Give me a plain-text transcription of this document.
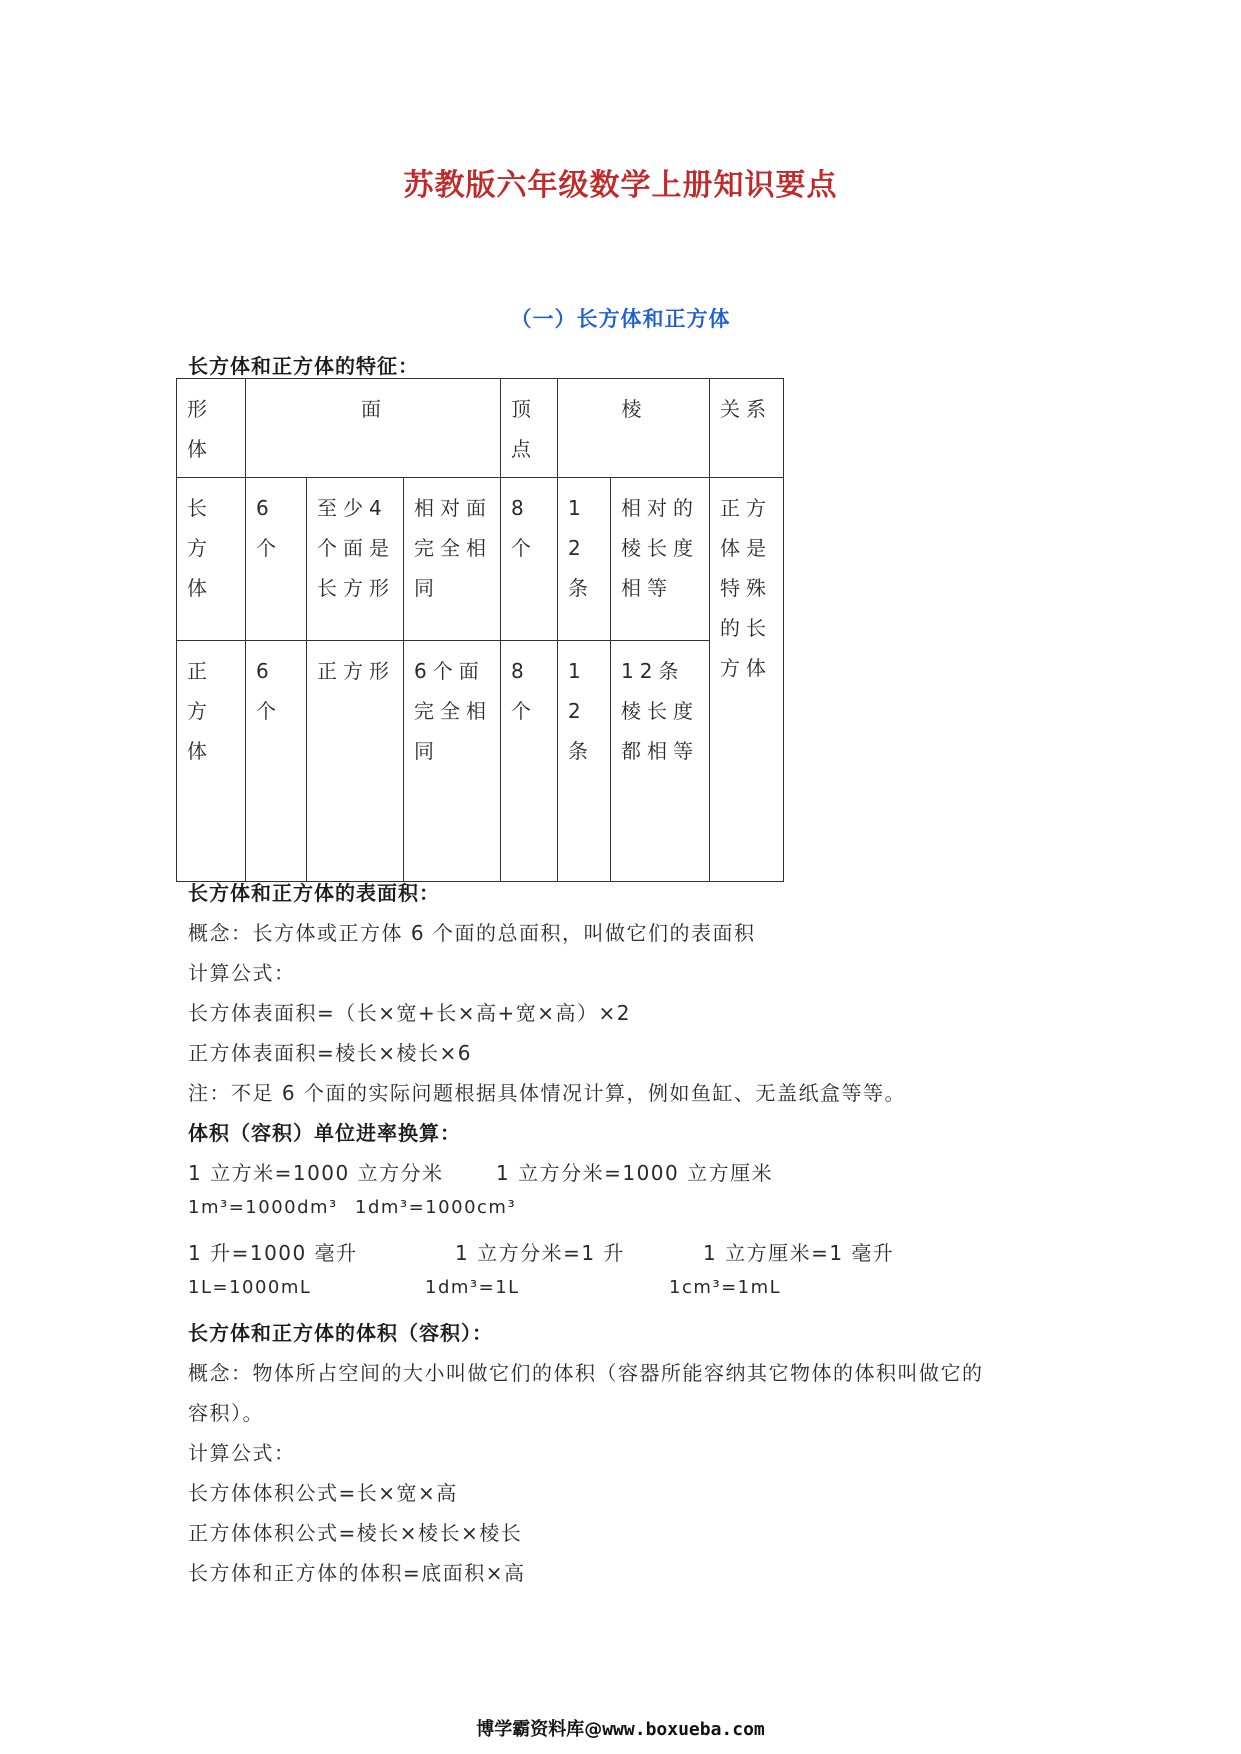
苏教版六年级数学上册知识要点
（一）长方体和正方体
长方体和正方体的特征：
形体	面			顶点	棱		关系
长方体	6个	至少4个面是长方形	相对面完全相同	8个	12条	相对的棱长度相等	正方体是特殊的长方体
正方体	6个	正方形	6个面完全相同	8个	12条	12条棱长度都相等	
长方体和正方体的表面积：
概念：长方体或正方体 6 个面的总面积，叫做它们的表面积
计算公式：
长方体表面积=（长×宽+长×高+宽×高）×2
正方体表面积=棱长×棱长×6
注：不足 6 个面的实际问题根据具体情况计算，例如鱼缸、无盖纸盒等等。
体积（容积）单位进率换算：
1 立方米=1000 立方分米	1 立方分米=1000 立方厘米
1m³=1000dm³ 1dm³=1000cm³
1 升=1000 毫升	1 立方分米=1 升	1 立方厘米=1 毫升
1L=1000mL	1dm³=1L	1cm³=1mL
长方体和正方体的体积（容积）：
概念：物体所占空间的大小叫做它们的体积（容器所能容纳其它物体的体积叫做它的
容积）。
计算公式：
长方体体积公式=长×宽×高
正方体体积公式=棱长×棱长×棱长
长方体和正方体的体积=底面积×高
博学霸资料库@www.boxueba.com
